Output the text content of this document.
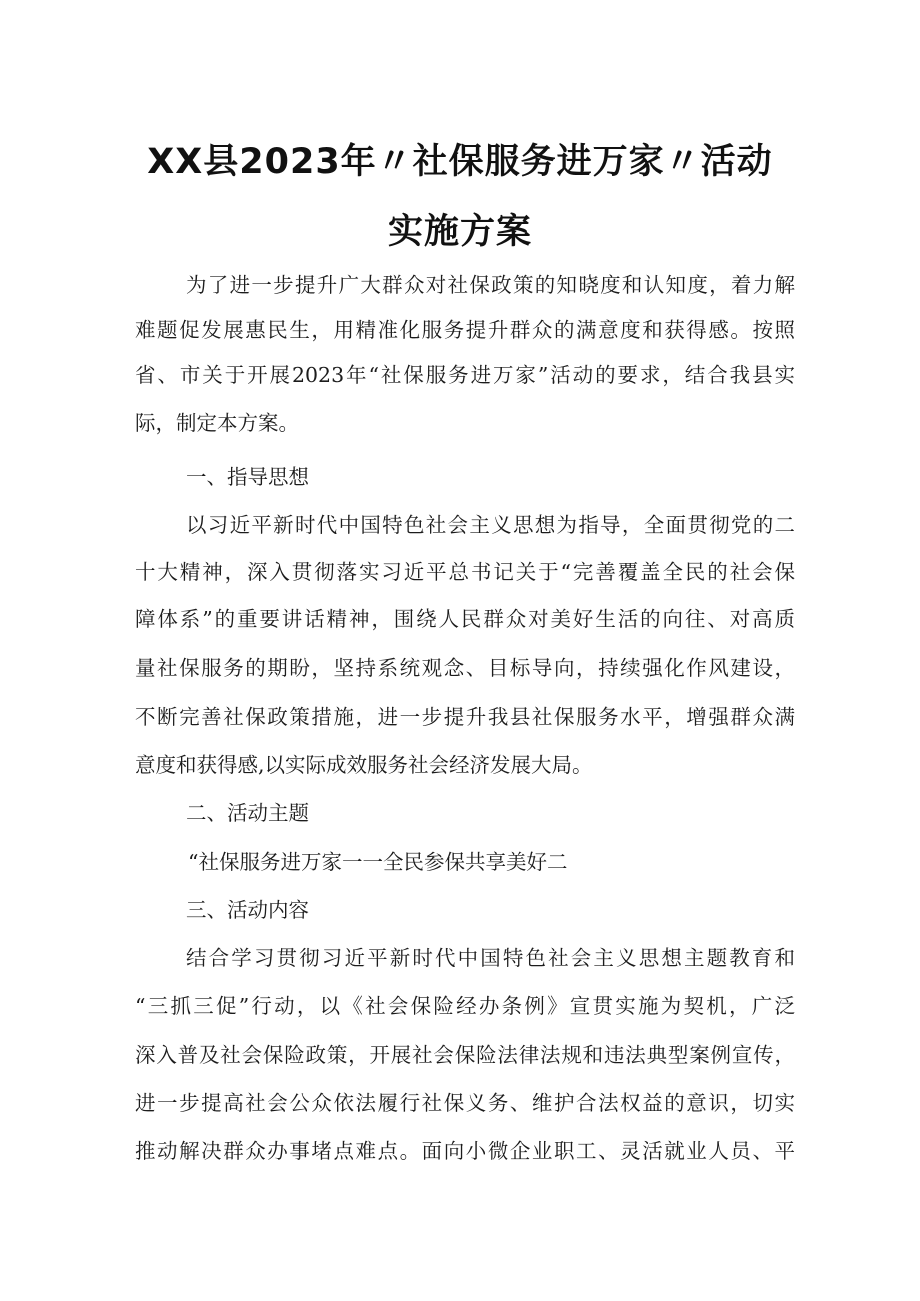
XX县2023年〃社保服务进万家〃活动
实施方案
为了进一步提升广大群众对社保政策的知晓度和认知度，着力解
难题促发展惠民生，用精准化服务提升群众的满意度和获得感。按照
省、市关于开展2023年“社保服务进万家”活动的要求，结合我县实
际，制定本方案。
一、指导思想
以习近平新时代中国特色社会主义思想为指导，全面贯彻党的二
十大精神，深入贯彻落实习近平总书记关于“完善覆盖全民的社会保
障体系”的重要讲话精神，围绕人民群众对美好生活的向往、对高质
量社保服务的期盼，坚持系统观念、目标导向，持续强化作风建设，
不断完善社保政策措施，进一步提升我县社保服务水平，增强群众满
意度和获得感,以实际成效服务社会经济发展大局。
二、活动主题
“社保服务进万家一一全民参保共享美好二
三、活动内容
结合学习贯彻习近平新时代中国特色社会主义思想主题教育和
“三抓三促”行动，以《社会保险经办条例》宣贯实施为契机，广泛
深入普及社会保险政策，开展社会保险法律法规和违法典型案例宣传，
进一步提高社会公众依法履行社保义务、维护合法权益的意识，切实
推动解决群众办事堵点难点。面向小微企业职工、灵活就业人员、平
